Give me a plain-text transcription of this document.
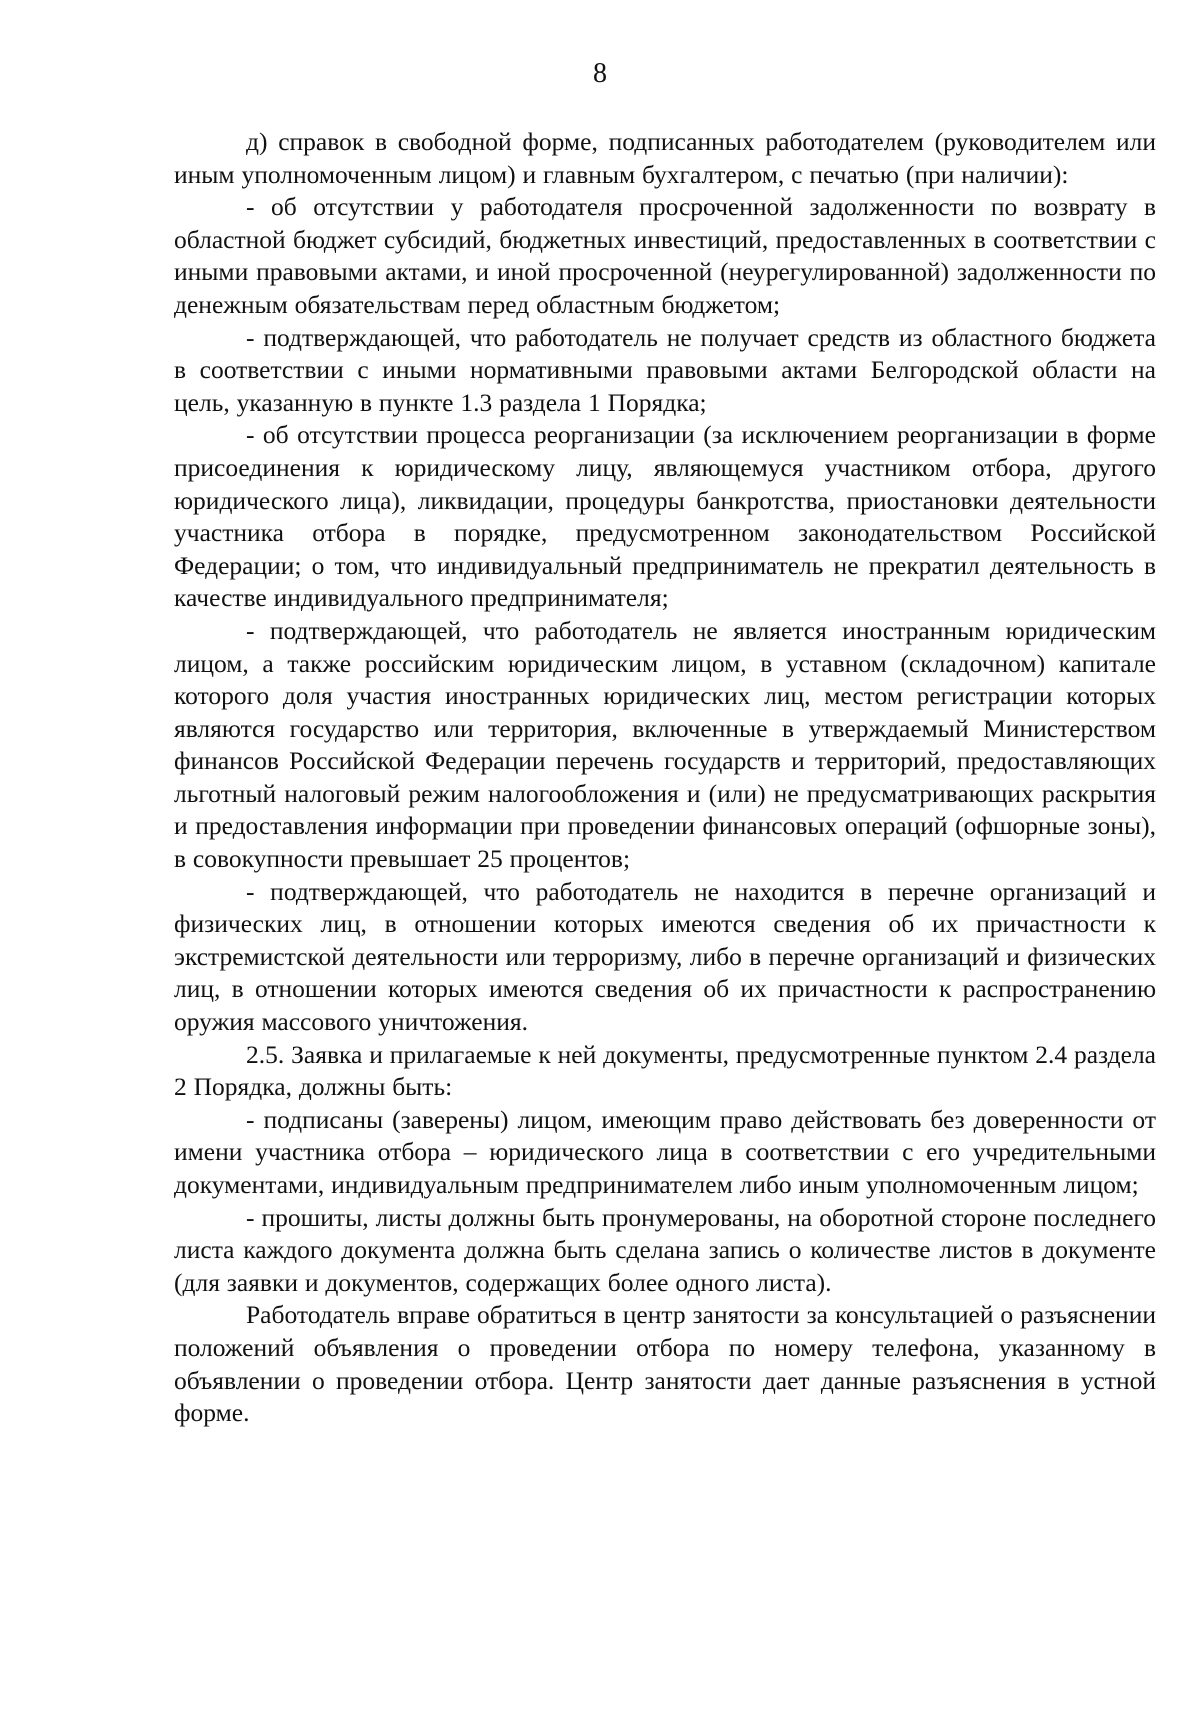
8

д) справок в свободной форме, подписанных работодателем (руководителем или иным уполномоченным лицом) и главным бухгалтером, с печатью (при наличии):

- об отсутствии у работодателя просроченной задолженности по возврату в областной бюджет субсидий, бюджетных инвестиций, предоставленных в соответствии с иными правовыми актами, и иной просроченной (неурегулированной) задолженности по денежным обязательствам перед областным бюджетом;

- подтверждающей, что работодатель не получает средств из областного бюджета в соответствии с иными нормативными правовыми актами Белгородской области на цель, указанную в пункте 1.3 раздела 1 Порядка;

- об отсутствии процесса реорганизации (за исключением реорганизации в форме присоединения к юридическому лицу, являющемуся участником отбора, другого юридического лица), ликвидации, процедуры банкротства, приостановки деятельности участника отбора в порядке, предусмотренном законодательством Российской Федерации; о том, что индивидуальный предприниматель не прекратил деятельность в качестве индивидуального предпринимателя;

- подтверждающей, что работодатель не является иностранным юридическим лицом, а также российским юридическим лицом, в уставном (складочном) капитале которого доля участия иностранных юридических лиц, местом регистрации которых являются государство или территория, включенные в утверждаемый Министерством финансов Российской Федерации перечень государств и территорий, предоставляющих льготный налоговый режим налогообложения и (или) не предусматривающих раскрытия и предоставления информации при проведении финансовых операций (офшорные зоны), в совокупности превышает 25 процентов;

- подтверждающей, что работодатель не находится в перечне организаций и физических лиц, в отношении которых имеются сведения об их причастности к экстремистской деятельности или терроризму, либо в перечне организаций и физических лиц, в отношении которых имеются сведения об их причастности к распространению оружия массового уничтожения.

2.5. Заявка и прилагаемые к ней документы, предусмотренные пунктом 2.4 раздела 2 Порядка, должны быть:

- подписаны (заверены) лицом, имеющим право действовать без доверенности от имени участника отбора – юридического лица в соответствии с его учредительными документами, индивидуальным предпринимателем либо иным уполномоченным лицом;

- прошиты, листы должны быть пронумерованы, на оборотной стороне последнего листа каждого документа должна быть сделана запись о количестве листов в документе (для заявки и документов, содержащих более одного листа).

Работодатель вправе обратиться в центр занятости за консультацией о разъяснении положений объявления о проведении отбора по номеру телефона, указанному в объявлении о проведении отбора. Центр занятости дает данные разъяснения в устной форме.
